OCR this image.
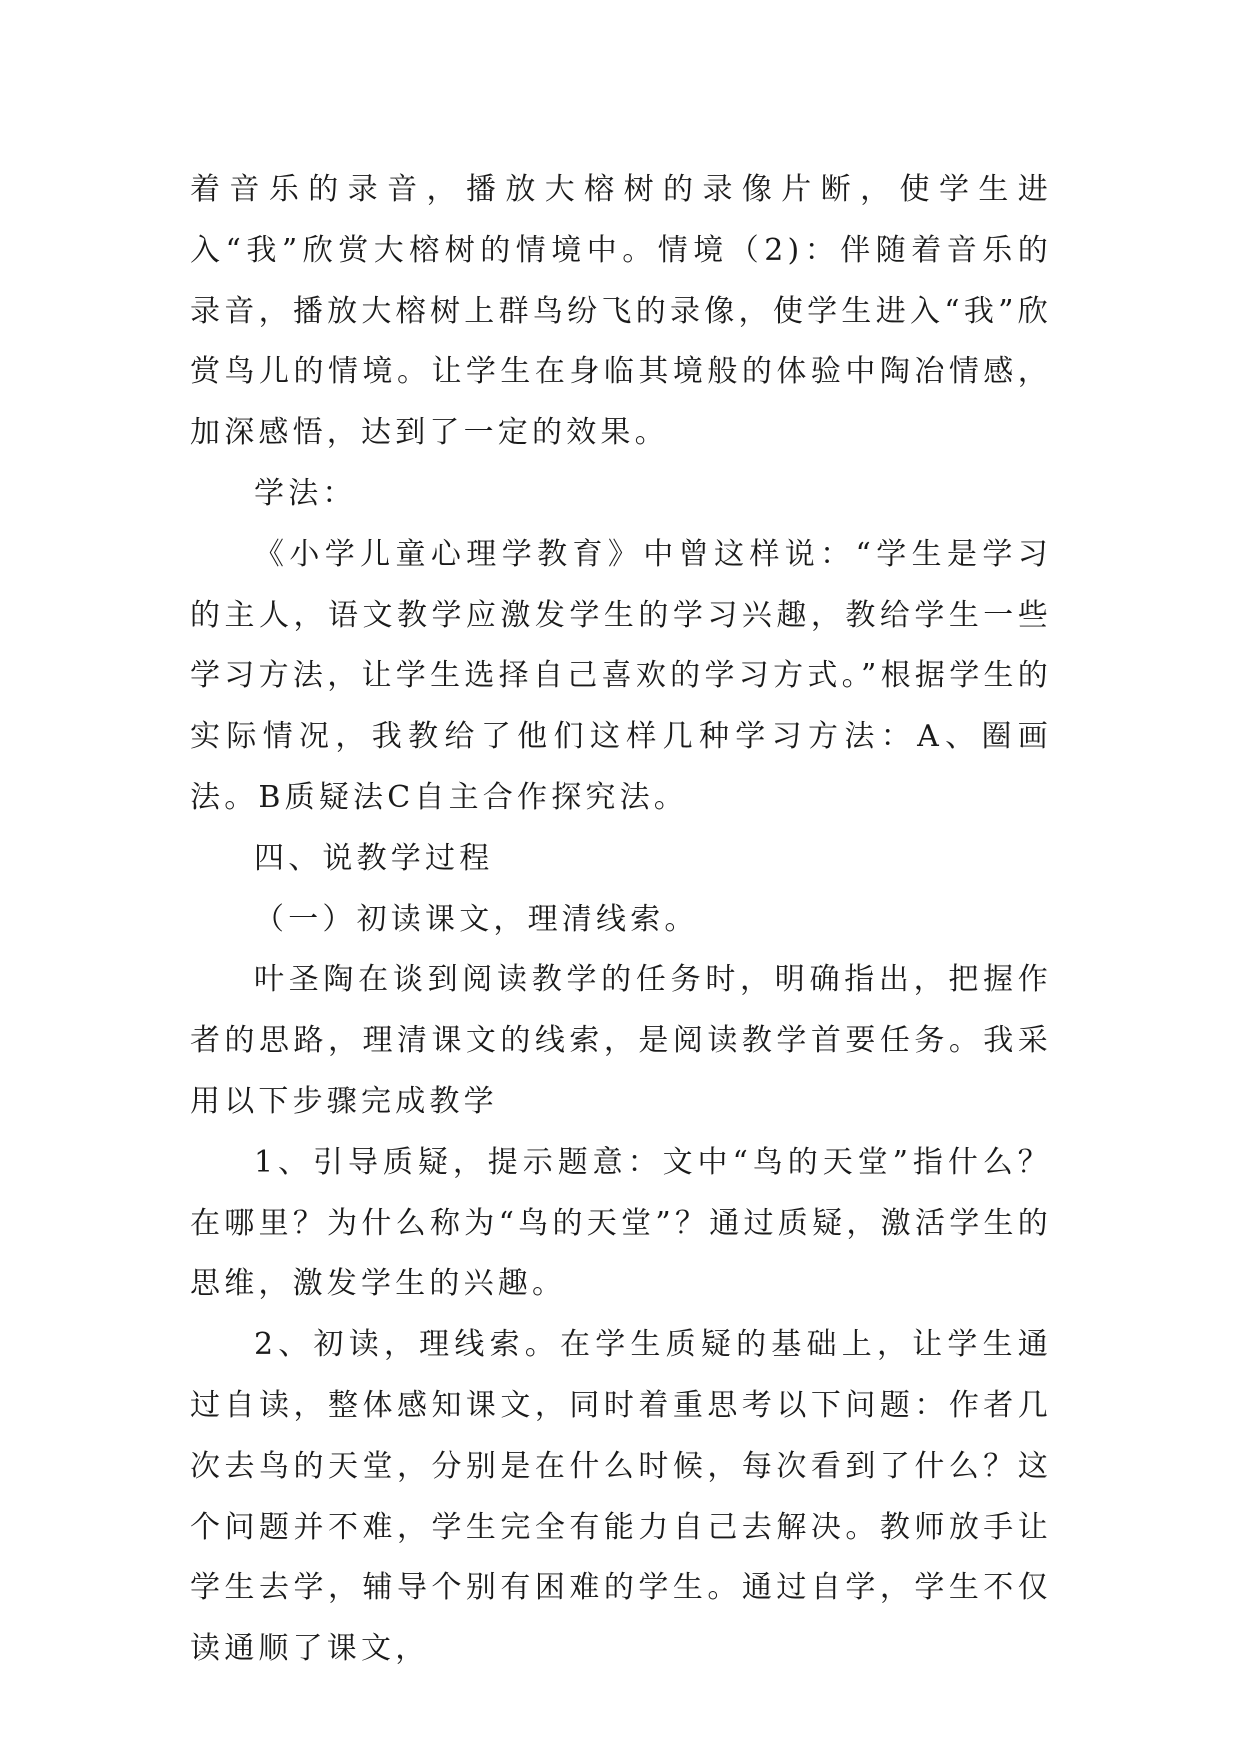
着音乐的录音，播放大榕树的录像片断，使学生进入“我”欣赏大榕树的情境中。情境（2)：伴随着音乐的录音，播放大榕树上群鸟纷飞的录像，使学生进入“我”欣赏鸟儿的情境。让学生在身临其境般的体验中陶冶情感，加深感悟，达到了一定的效果。

学法：

《小学儿童心理学教育》中曾这样说：“学生是学习的主人，语文教学应激发学生的学习兴趣，教给学生一些学习方法，让学生选择自己喜欢的学习方式。”根据学生的实际情况，我教给了他们这样几种学习方法：A、圈画法。B质疑法C自主合作探究法。

四、说教学过程

（一）初读课文，理清线索。

叶圣陶在谈到阅读教学的任务时，明确指出，把握作者的思路，理清课文的线索，是阅读教学首要任务。我采用以下步骤完成教学

1、引导质疑，提示题意：文中“鸟的天堂”指什么？在哪里？为什么称为“鸟的天堂”？通过质疑，激活学生的思维，激发学生的兴趣。

2、初读，理线索。在学生质疑的基础上，让学生通过自读，整体感知课文，同时着重思考以下问题：作者几次去鸟的天堂，分别是在什么时候，每次看到了什么？这个问题并不难，学生完全有能力自己去解决。教师放手让学生去学，辅导个别有困难的学生。通过自学，学生不仅读通顺了课文，
